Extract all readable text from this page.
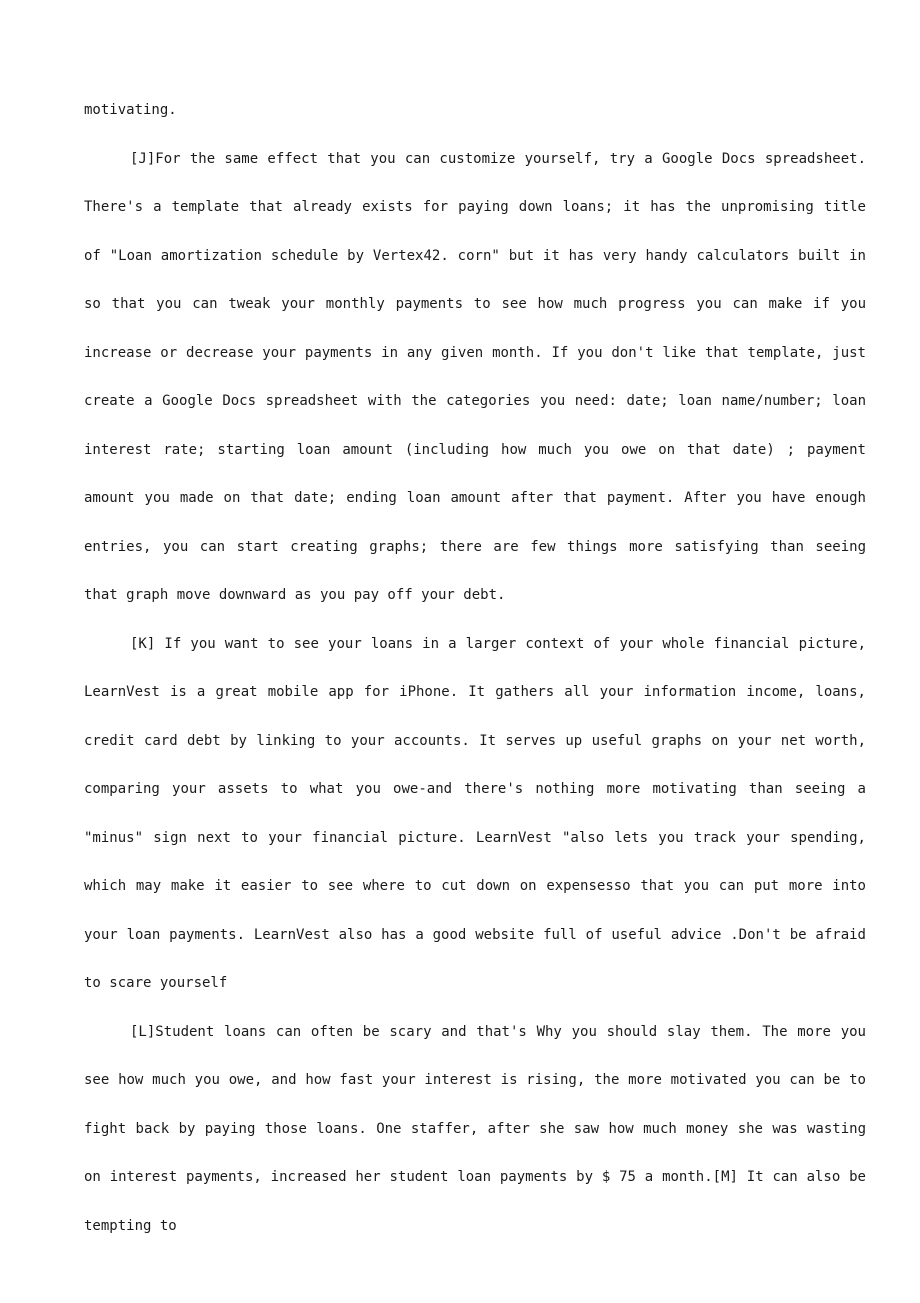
motivating.

[J]For the same effect that you can customize yourself, try a Google Docs spreadsheet. There's a template that already exists for paying down loans; it has the unpromising title of "Loan amortization schedule by Vertex42. corn" but it has very handy calculators built in so that you can tweak your monthly payments to see how much progress you can make if you increase or decrease your payments in any given month. If you don't like that template, just create a Google Docs spreadsheet with the categories you need: date; loan name/number; loan interest rate; starting loan amount (including how much you owe on that date) ; payment amount you made on that date; ending loan amount after that payment. After you have enough entries, you can start creating graphs; there are few things more satisfying than seeing that graph move downward as you pay off your debt.

[K] If you want to see your loans in a larger context of your whole financial picture, LearnVest is a great mobile app for iPhone. It gathers all your information income, loans, credit card debt by linking to your accounts. It serves up useful graphs on your net worth, comparing your assets to what you owe-and there's nothing more motivating than seeing a "minus" sign next to your financial picture. LearnVest "also lets you track your spending, which may make it easier to see where to cut down on expensesso that you can put more into your loan payments. LearnVest also has a good website full of useful advice .Don't be afraid to scare yourself

[L]Student loans can often be scary and that's Why you should slay them. The more you see how much you owe, and how fast your interest is rising, the more motivated you can be to fight back by paying those loans. One staffer, after she saw how much money she was wasting on interest payments, increased her student loan payments by $ 75 a month.[M] It can also be tempting to
